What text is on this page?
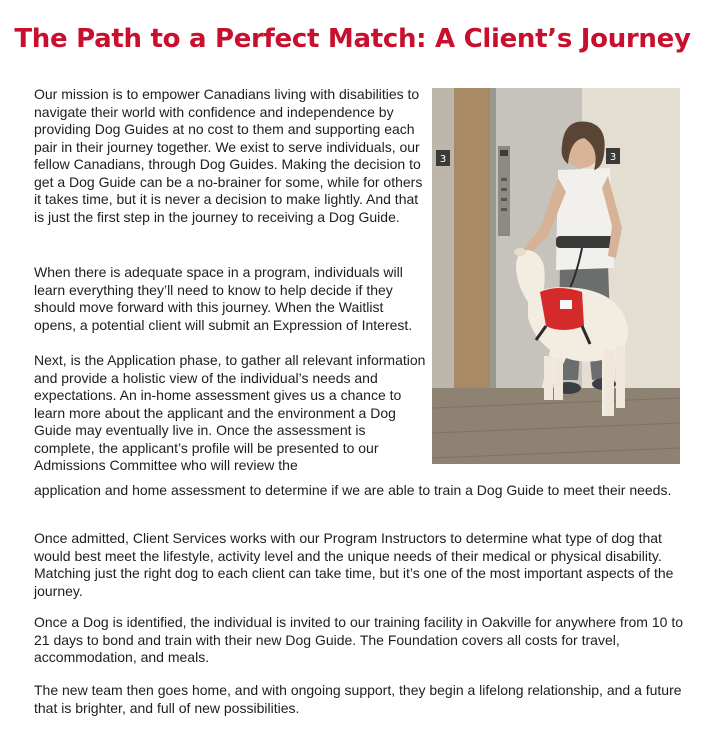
The Path to a Perfect Match: A Client’s Journey
3	3

Our mission is to empower Canadians living with disabilities to navigate their world with confidence and independence by providing Dog Guides at no cost to them and supporting each pair in their journey together. We exist to serve individuals, our fellow Canadians, through Dog Guides. Making the decision to get a Dog Guide can be a no-brainer for some, while for others it takes time, but it is never a decision to make lightly. And that is just the first step in the journey to receiving a Dog Guide.

When there is adequate space in a program, individuals will learn everything they’ll need to know to help decide if they should move forward with this journey. When the Waitlist opens, a potential client will submit an Expression of Interest.

Next, is the Application phase, to gather all relevant information and provide a holistic view of the individual’s needs and expectations. An in-home assessment gives us a chance to learn more about the applicant and the environment a Dog Guide may eventually live in. Once the assessment is complete, the applicant’s profile will be presented to our Admissions Committee who will review the

application and home assessment to determine if we are able to train a Dog Guide to meet their needs.

Once admitted, Client Services works with our Program Instructors to determine what type of dog that would best meet the lifestyle, activity level and the unique needs of their medical or physical disability. Matching just the right dog to each client can take time, but it’s one of the most important aspects of the journey.

Once a Dog is identified, the individual is invited to our training facility in Oakville for anywhere from 10 to 21 days to bond and train with their new Dog Guide. The Foundation covers all costs for travel, accommodation, and meals.

The new team then goes home, and with ongoing support, they begin a lifelong relationship, and a future that is brighter, and full of new possibilities.
